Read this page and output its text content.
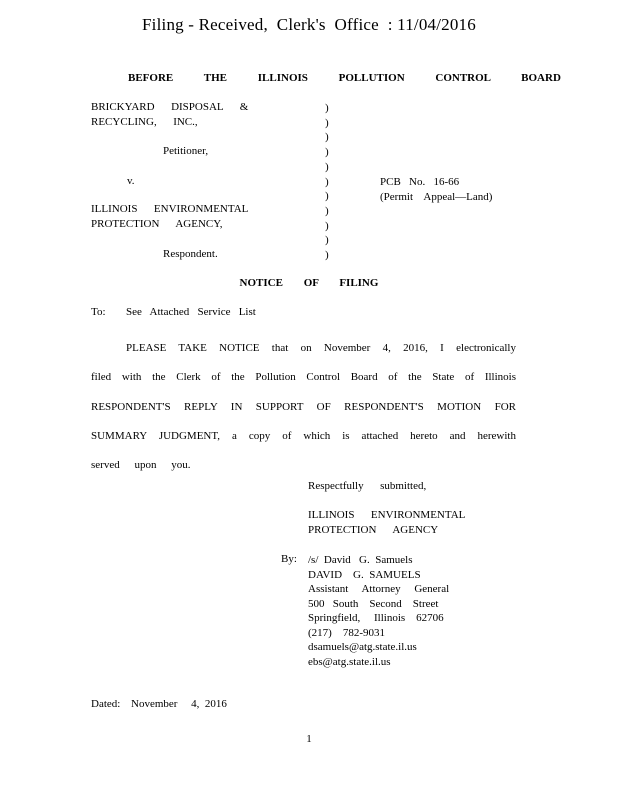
Filing - Received,  Clerk's  Office  : 11/04/2016
BEFORE THE ILLINOIS POLLUTION CONTROL BOARD
BRICKYARD      DISPOSAL      &
RECYCLING,      INC.,
Petitioner,
v.
ILLINOIS      ENVIRONMENTAL
PROTECTION      AGENCY,
Respondent.
)
)
)
)
)
)
)
)
)
)
)
PCB   No.   16-66
(Permit    Appeal—Land)
NOTICE OF FILING
To: See   Attached   Service   List
PLEASE TAKE NOTICE that on November 4, 2016, I electronically
filed with the Clerk of the Pollution Control Board of the State of Illinois
RESPONDENT'S REPLY IN SUPPORT OF RESPONDENT'S MOTION FOR
SUMMARY JUDGMENT, a copy of which is attached hereto and herewith
served upon you.
Respectfully      submitted,
ILLINOIS      ENVIRONMENTAL
PROTECTION      AGENCY
By: /s/  David   G.  Samuels
DAVID    G.  SAMUELS
Assistant     Attorney     General
500   South    Second    Street
Springfield,     Illinois    62706
(217)    782-9031
dsamuels@atg.state.il.us
ebs@atg.state.il.us
Dated: November     4,  2016
1
